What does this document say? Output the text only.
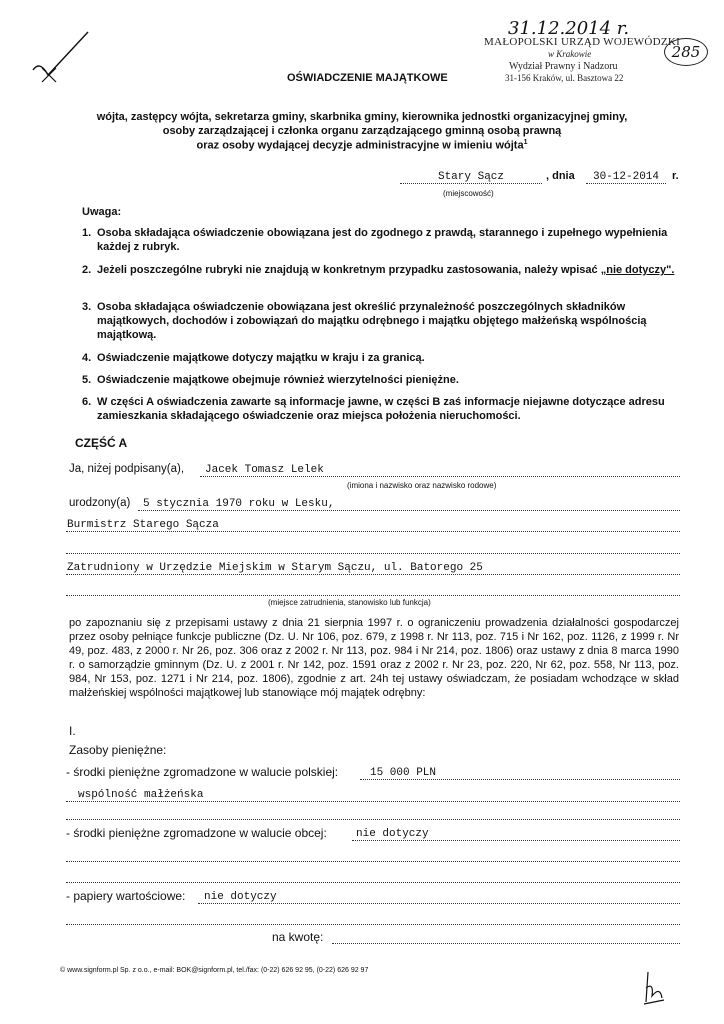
31.12.2014 r.
MAŁOPOLSKI URZĄD WOJEWÓDZKI
w Krakowie
Wydział Prawny i Nadzoru
31-156 Kraków, ul. Basztowa 22
285
OŚWIADCZENIE MAJĄTKOWE
wójta, zastępcy wójta, sekretarza gminy, skarbnika gminy, kierownika jednostki organizacyjnej gminy,
osoby zarządzającej i członka organu zarządzającego gminną osobą prawną
oraz osoby wydającej decyzje administracyjne w imieniu wójta$^1$
Stary Sącz	, dnia	30-12-2014	r.
(miejscowość)
Uwaga:
1. Osoba składająca oświadczenie obowiązana jest do zgodnego z prawdą, starannego i zupełnego wypełnienia każdej z rubryk.
2. Jeżeli poszczególne rubryki nie znajdują w konkretnym przypadku zastosowania, należy wpisać „nie dotyczy".
3. Osoba składająca oświadczenie obowiązana jest określić przynależność poszczególnych składników majątkowych, dochodów i zobowiązań do majątku odrębnego i majątku objętego małżeńską wspólnością majątkową.
4. Oświadczenie majątkowe dotyczy majątku w kraju i za granicą.
5. Oświadczenie majątkowe obejmuje również wierzytelności pieniężne.
6. W części A oświadczenia zawarte są informacje jawne, w części B zaś informacje niejawne dotyczące adresu zamieszkania składającego oświadczenie oraz miejsca położenia nieruchomości.
CZĘŚĆ A
Ja, niżej podpisany(a), Jacek Tomasz Lelek
(imiona i nazwisko oraz nazwisko rodowe)
urodzony(a) 5 stycznia 1970 roku w Lesku,
Burmistrz Starego Sącza
Zatrudniony w Urzędzie Miejskim w Starym Sączu, ul. Batorego 25
(miejsce zatrudnienia, stanowisko lub funkcja)
po zapoznaniu się z przepisami ustawy z dnia 21 sierpnia 1997 r. o ograniczeniu prowadzenia działalności gospodarczej przez osoby pełniące funkcje publiczne (Dz. U. Nr 106, poz. 679, z 1998 r. Nr 113, poz. 715 i Nr 162, poz. 1126, z 1999 r. Nr 49, poz. 483, z 2000 r. Nr 26, poz. 306 oraz z 2002 r. Nr 113, poz. 984 i Nr 214, poz. 1806) oraz ustawy z dnia 8 marca 1990 r. o samorządzie gminnym (Dz. U. z 2001 r. Nr 142, poz. 1591 oraz z 2002 r. Nr 23, poz. 220, Nr 62, poz. 558, Nr 113, poz. 984, Nr 153, poz. 1271 i Nr 214, poz. 1806), zgodnie z art. 24h tej ustawy oświadczam, że posiadam wchodzące w skład małżeńskiej wspólności majątkowej lub stanowiące mój majątek odrębny:
I.
Zasoby pieniężne:
- środki pieniężne zgromadzone w walucie polskiej:	15 000 PLN
wspólność małżeńska
- środki pieniężne zgromadzone w walucie obcej:	nie dotyczy
- papiery wartościowe: nie dotyczy
na kwotę:
© www.signform.pl Sp. z o.o., e-mail: BOK@signform.pl, tel./fax: (0-22) 626 92 95, (0-22) 626 92 97
